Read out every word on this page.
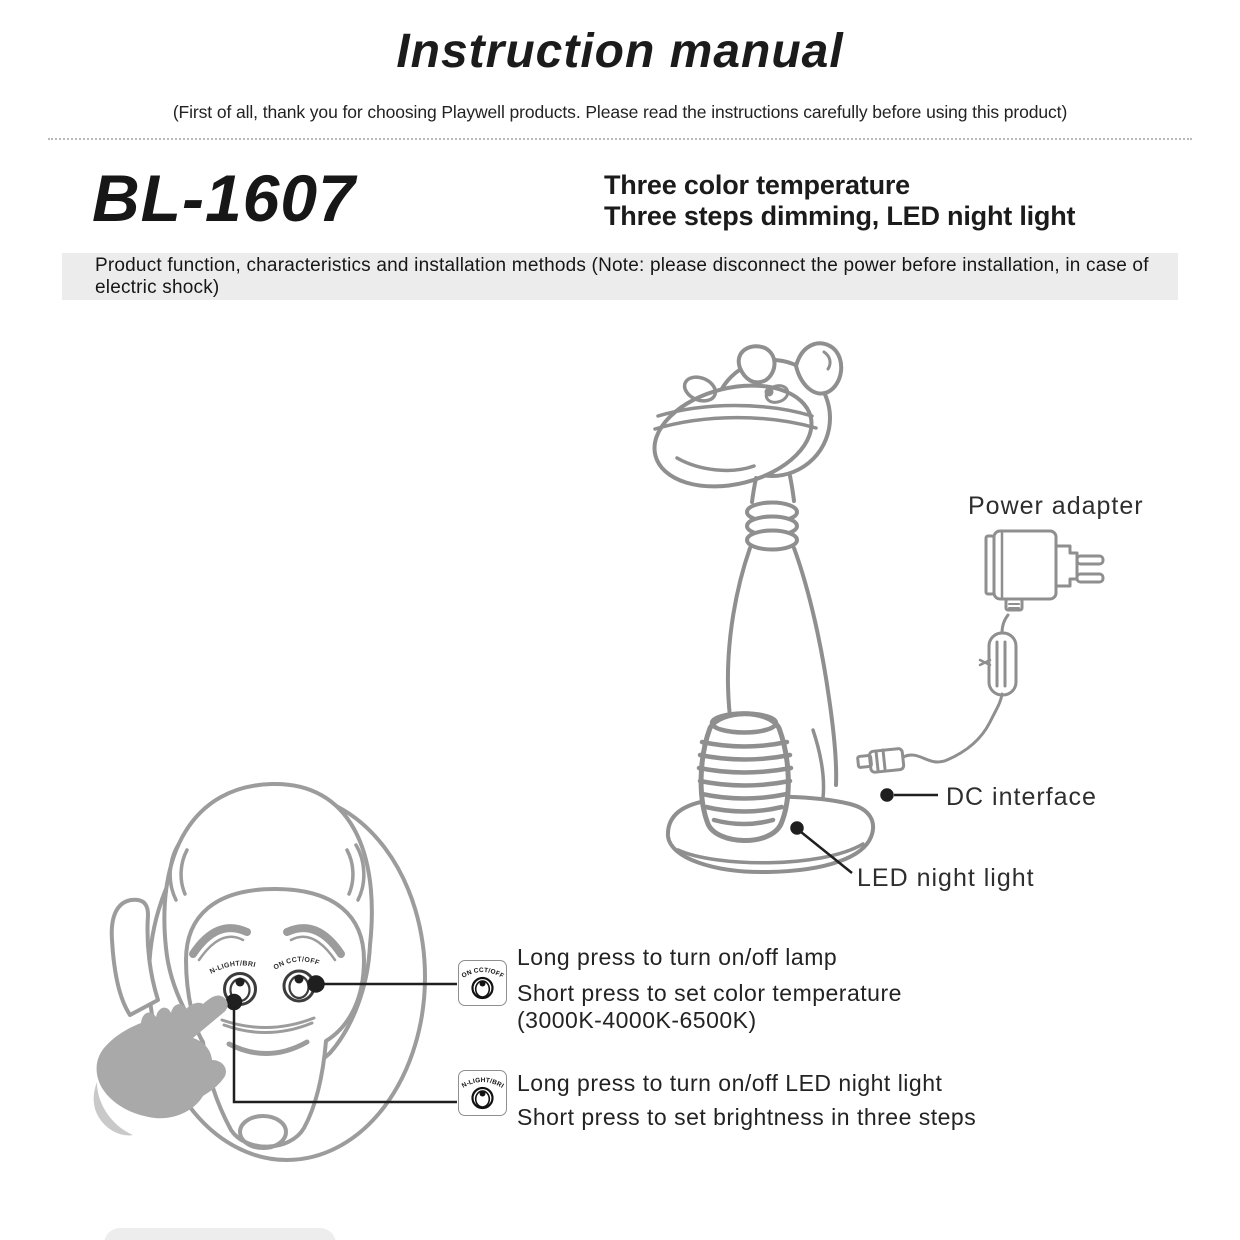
Instruction manual
(First of all, thank you for choosing Playwell products. Please read the instructions carefully before using this product)
BL-1607	Three color temperature
Three steps dimming, LED night light
Product function, characteristics and installation methods (Note: please disconnect the power before installation, in case of electric shock)
Power adapter
DC interface
LED night light
N-LIGHT/BRI ON CCT/OFF
ON CCT/OFF
Long press to turn on/off lamp
Short press to set color temperature
(3000K-4000K-6500K)
N-LIGHT/BRI Long press to turn on/off LED night light
Short press to set brightness in three steps
